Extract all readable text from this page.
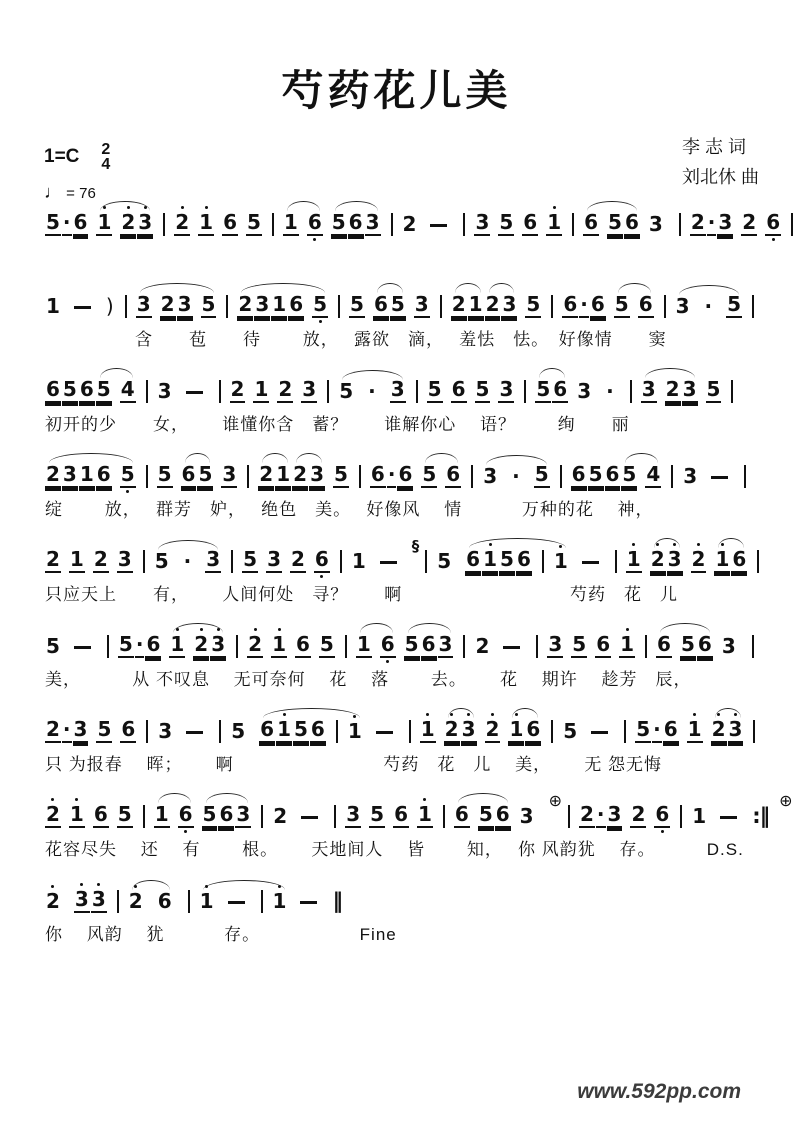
芍药花儿美
李 志 词
刘北休 曲
1=C 2
4
♩ = 76
5 · 6 1 2 3 2 1 6 5 1 6 5 6 3 2	3 5 6 1 6 5 6 3 2 · 3 2 6
1 ) 3 2 3 5 2 3 1 6 5 5 6 5 3 2 1 2 3 5 6 · 6 5 6 3 · 5
　　　　　含　　苞　　待　　 放，　 露欲　滴，　 羞怯　怯。　好像情　　窦
6 5 6 5 4 3	2 1 2 3 5 · 3 5 6 5 3 5 6 3 · 3 2 3 5
初开的少　　女，　　 谁懂你含　蓄？　　谁解你心　 语？　　 绚　　丽
2 3 1 6 5 5 6 5 3 2 1 2 3 5 6 · 6 5 6 3 · 5 6 5 6 5 4 3
绽　　 放，　 群芳　妒，　 绝色　美。　 好像风　 情　　　 万种的花　 神，
2 1 2 3 5 · 3 5 3 2 6 1
§
5 6 1 5 6 1	1 2 3 2 1 6
只应天上　　有，　　 人间何处　寻？　　啊　　　　　　　　　 芍药　花　儿
5	5 · 6 1 2 3 2 1 6 5 1 6 5 6 3 2	3 5 6 1 6 5 6 3
美，　　　 从 不叹息　 无可奈何　 花　 落　　 去。　　 花　 期许　 趁芳　辰，
2 · 3 5 6 3	5 6 1 5 6 1	1 2 3 2 1 6 5	5 · 6 1 2 3
只 为报春　 晖；　　 啊　　　　　　　　 芍药　花　儿　 美，　　 无 怨无悔
2 1 6 5 1 6 5 6 3 2	3 5 6 1 6 5 6 3
⊕
2 · 3 2 6 1 :‖
⊕
花容尽失　 还　 有　　 根。　　 天地间人　 皆　　 知，　 你 风韵犹　 存。　　　 D.S.
2 3 3 2 6 1	1 ‖
你　 风韵　 犹　　　 存。　　　　　　Fine
www.592pp.com
